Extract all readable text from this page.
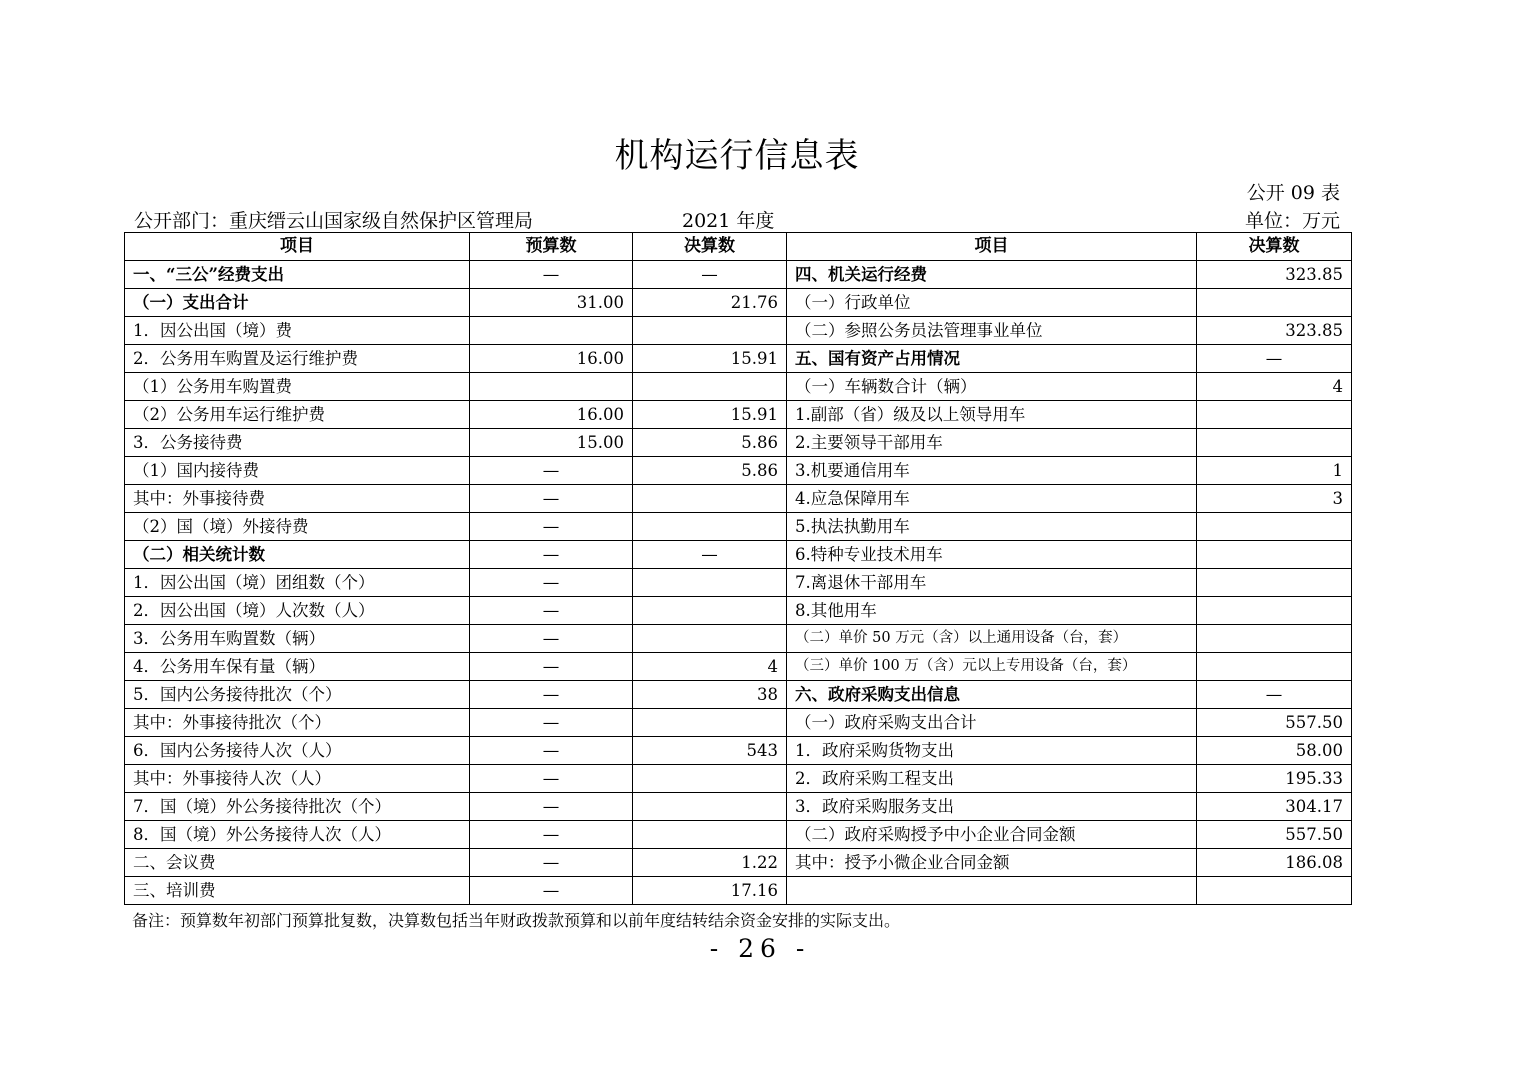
机构运行信息表
公开 09 表
公开部门：重庆缙云山国家级自然保护区管理局	2021 年度	单位：万元
项目	预算数	决算数	项目	决算数
一、“三公”经费支出	—	—	四、机关运行经费	323.85
（一）支出合计	31.00	21.76	（一）行政单位	
1．因公出国（境）费			（二）参照公务员法管理事业单位	323.85
2．公务用车购置及运行维护费	16.00	15.91	五、国有资产占用情况	—
（1）公务用车购置费			（一）车辆数合计（辆）	4
（2）公务用车运行维护费	16.00	15.91	1.副部（省）级及以上领导用车	
3．公务接待费	15.00	5.86	2.主要领导干部用车	
（1）国内接待费	—	5.86	3.机要通信用车	1
其中：外事接待费	—		4.应急保障用车	3
（2）国（境）外接待费	—		5.执法执勤用车	
（二）相关统计数	—	—	6.特种专业技术用车	
1．因公出国（境）团组数（个）	—		7.离退休干部用车	
2．因公出国（境）人次数（人）	—		8.其他用车	
3．公务用车购置数（辆）	—		（二）单价 50 万元（含）以上通用设备（台，套）	
4．公务用车保有量（辆）	—	4	（三）单价 100 万（含）元以上专用设备（台，套）	
5．国内公务接待批次（个）	—	38	六、政府采购支出信息	—
其中：外事接待批次（个）	—		（一）政府采购支出合计	557.50
6．国内公务接待人次（人）	—	543	1．政府采购货物支出	58.00
其中：外事接待人次（人）	—		2．政府采购工程支出	195.33
7．国（境）外公务接待批次（个）	—		3．政府采购服务支出	304.17
8．国（境）外公务接待人次（人）	—		（二）政府采购授予中小企业合同金额	557.50
二、会议费	—	1.22	其中：授予小微企业合同金额	186.08
三、培训费	—	17.16		
备注：预算数年初部门预算批复数，决算数包括当年财政拨款预算和以前年度结转结余资金安排的实际支出。
- 26 -
